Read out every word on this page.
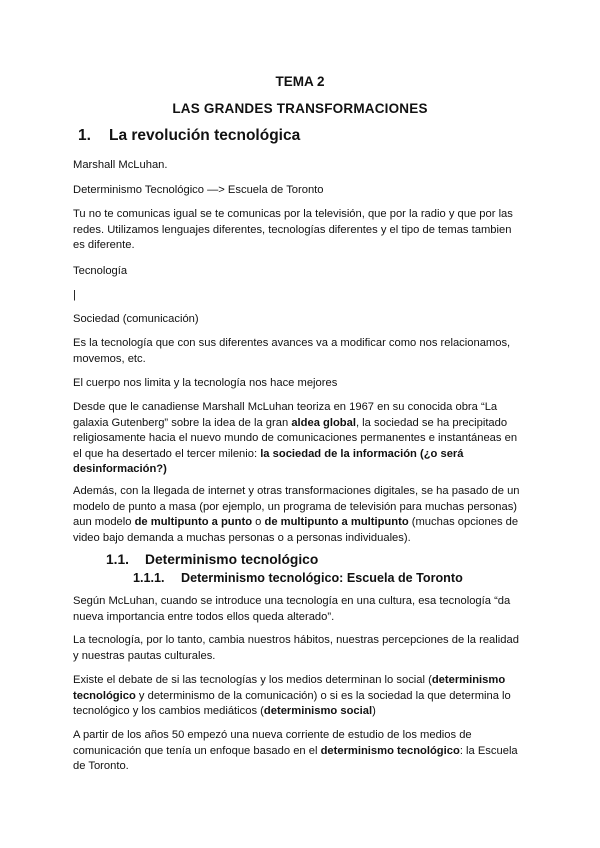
TEMA 2

LAS GRANDES TRANSFORMACIONES

1. La revolución tecnológica

Marshall McLuhan.

Determinismo Tecnológico —> Escuela de Toronto

Tu no te comunicas igual se te comunicas por la televisión, que por la radio y que por las redes. Utilizamos lenguajes diferentes, tecnologías diferentes y el tipo de temas tambien es diferente.

Tecnología

|

Sociedad (comunicación)

Es la tecnología que con sus diferentes avances va a modificar como nos relacionamos, movemos, etc.

El cuerpo nos limita y la tecnología nos hace mejores

Desde que le canadiense Marshall McLuhan teoriza en 1967 en su conocida obra “La galaxia Gutenberg” sobre la idea de la gran aldea global, la sociedad se ha precipitado religiosamente hacia el nuevo mundo de comunicaciones permanentes e instantáneas en el que ha desertado el tercer milenio: la sociedad de la información (¿o será desinformación?)

Además, con la llegada de internet y otras transformaciones digitales, se ha pasado de un modelo de punto a masa (por ejemplo, un programa de televisión para muchas personas) aun modelo de multipunto a punto o de multipunto a multipunto (muchas opciones de video bajo demanda a muchas personas o a personas individuales).

1.1. Determinismo tecnológico

1.1.1. Determinismo tecnológico: Escuela de Toronto

Según McLuhan, cuando se introduce una tecnología en una cultura, esa tecnología “da nueva importancia entre todos ellos queda alterado”.

La tecnología, por lo tanto, cambia nuestros hábitos, nuestras percepciones de la realidad y nuestras pautas culturales.

Existe el debate de si las tecnologías y los medios determinan lo social (determinismo tecnológico y determinismo de la comunicación) o si es la sociedad la que determina lo tecnológico y los cambios mediáticos (determinismo social)

A partir de los años 50 empezó una nueva corriente de estudio de los medios de comunicación que tenía un enfoque basado en el determinismo tecnológico: la Escuela de Toronto.
